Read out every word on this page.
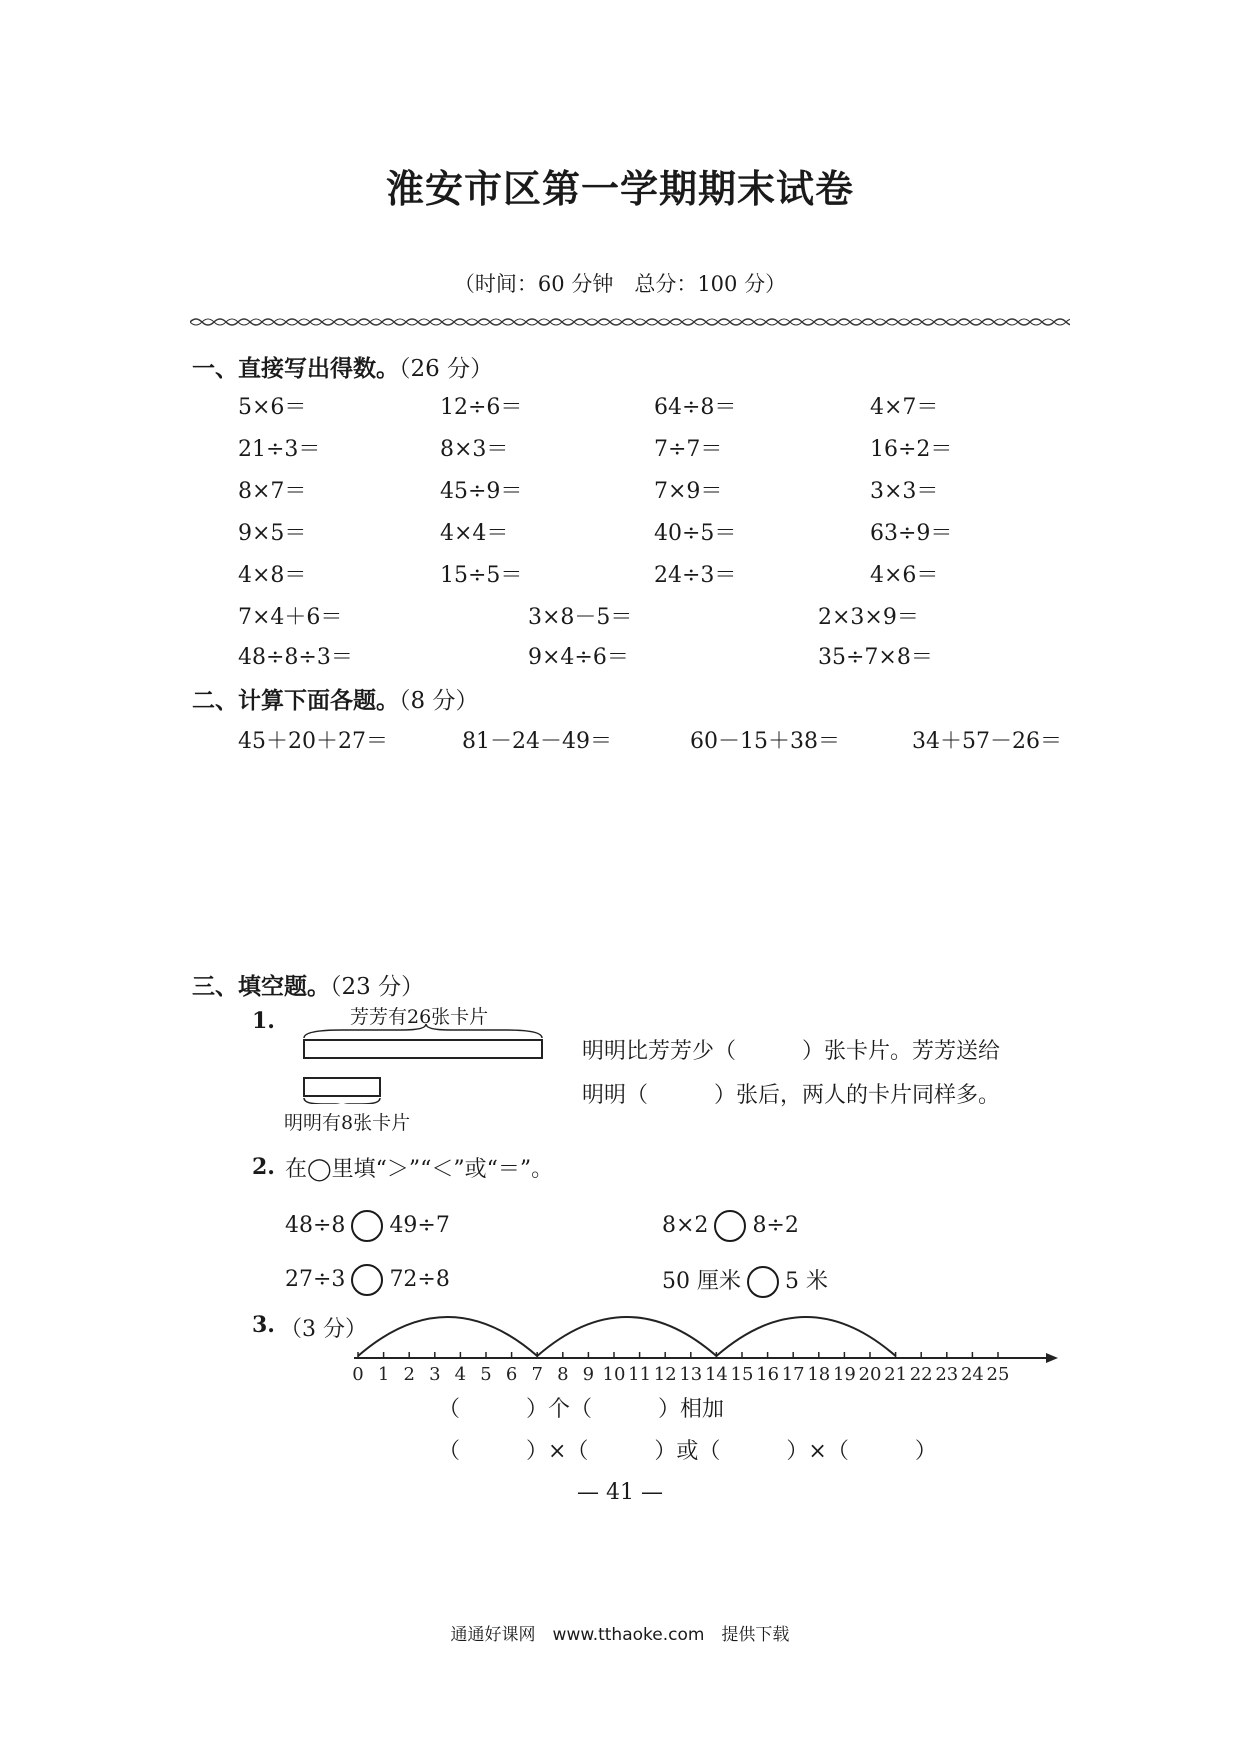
淮安市区第一学期期末试卷
（时间：60 分钟　总分：100 分）
一、直接写出得数。（26 分）
5×6＝	12÷6＝	64÷8＝	4×7＝
21÷3＝	8×3＝	7÷7＝	16÷2＝
8×7＝	45÷9＝	7×9＝	3×3＝
9×5＝	4×4＝	40÷5＝	63÷9＝
4×8＝	15÷5＝	24÷3＝	4×6＝
7×4＋6＝	3×8－5＝	2×3×9＝
48÷8÷3＝	9×4÷6＝	35÷7×8＝
二、计算下面各题。（8 分）
45＋20＋27＝	81－24－49＝	60－15＋38＝	34＋57－26＝
三、填空题。（23 分）
1.	芳芳有26张卡片
明明有8张卡片
明明比芳芳少（　　　）张卡片。芳芳送给
明明（　　　）张后，两人的卡片同样多。
2. 在◯里填“＞”“＜”或“＝”。
48÷8 49÷7	8×2 8÷2
27÷3 72÷8	50 厘米 5 米
3. （3 分）
0 1 2 3 4 5 6 7 8 9 10 11 12 13 14 15 16 17 18 19 20 21 22 23 24 25
（　　　）个（　　　）相加
（　　　）×（　　　）或（　　　）×（　　　）
— 41 —
通通好课网　www.tthaoke.com　提供下载
